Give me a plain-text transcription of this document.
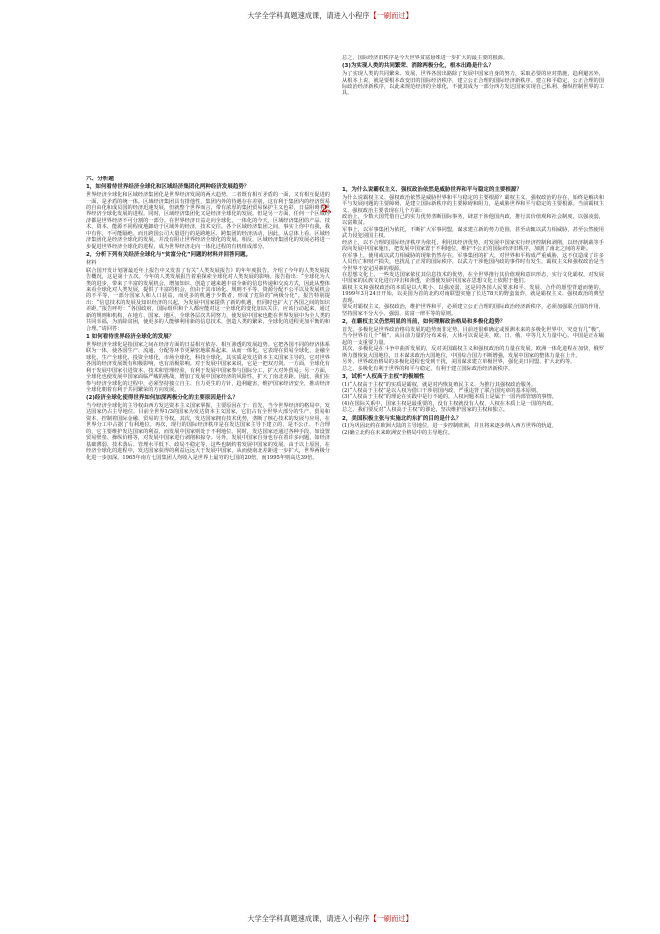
大学全学科真题速成课，请进入小程序【一刷而过】

总之，国际经济旧秩序是今天世界贫富悬殊进一步扩大的最主要的根源。

(3)为实现人类的共同繁荣、消除两极分化，根本出路是什么？

为了实现人类的共同繁荣、发展，世界各国出路除了发展中国家自身的努力，采取必要的应对措施，趋利避害外，从根本上说，就是要根本改变旧的国际经济秩序，建立公正合理的国际经济新秩序。建立和平稳定、公正合理的国际政治经济新秩序，以此来规范经济的全球化，不使其成为一部分西方发达国家实现自己私利、操纵控制世界的工具。

2、
六、分析题
1，如何看待世界经济全球化和区域经济集团化两种经济发展趋势？

世界经济全球化和区域经济集团化是世界经济发展的两大趋势，二者既有相互矛盾的一面，又有相互促进的一面，是矛盾的统一体。区域经济集团具有排他性，集团内外的待遇存在差别，这有利于集团内的经济贸易的自由化和成员国的经济迅速发展，但就整个世界而言，带有浓厚的集团贸易保护主义色彩，日益阻碍着世界经济全球化发展的进程。同时，区域经济集团化又是经济全球化的发展。但是另一方面，任何一个区域经济都是世界经济不可分割的一部分。在世界经济日益走向全球化，一体化的今天，区域经济集团的产品、技术、资本、能源不同程度地卸给于区域外的经济，技术交往。各个区域经济集团之间，事实上你中有我，我中有你，不可能隔绝。而且跨国公司大量进行的是跨地区、跨集团的经济活动，因此，从总体上看，区域经济集团化是经济全球化的发展。并没有阻止世界经济全球化的发展。相反，区域经济集团化的发展必将进一步促进世界经济全球化的进程，成为世界经济走向一体化过程的有机组成部分。

2，分析下列有关经济全球化与“贫富分化”问题的材料并回答问题。

材料

联合国开发计划署最近年上报告中又发表了有关“人类发展报告》的年年度报告。介绍了今年的人类发展报告概况，这是第十五次。今年的人类发展报告着重探索全球化对人类发展的影响。报告指出：“全球化为人类的进步，带来了丰富的发展机会，增加知识、创造了越来越丰富全新的信息传递和交流方式，因此从整体来看全球化对人类发展，提供了丰富的机会，但由于其市场化、规则不平等、资源分配不公平以及发展机会的不平等，一部分国家人和人口获益，而更多的机遇于少数者，形成了危险的“两极分化”。报告特别提出：“信息技术的发展及知识经济的兴起，为发展中国家提供了新的机遇，但同时也扩大了各国之间的知识差距。”报告呼吁：“各国政府，国际组织和个人都应能对这一全球化的变化加以关注，应该行动起来，通过新的规则和机构，在地方、国家、地区，全球各层次共同努力，使发展中国家也能在世界发展中为全人类的共同幸福，为消除贫困，使更多的人能够利用新的信息技术，创造人类的繁荣，全球化的进程更加平衡的和合理。”请回答：

1 如何看待世界经济全球化的发展？

世界经济全球化是指国家之间在经济方面的日益相互依存、相互渗透的发展趋势。它把各国不同的经济体系联为一体，使各国生产、流通、分配等环节更紧密地联系起来，从而一体化。它表现在贸易全球化，金融全球化，生产全球化，投资全球化，市场全球化，科技全球化，其实质是发达资本主义国家主导的。它对世界各国的经济发展既有积极影响，也有消极影响。对于发展中国家来说，它是一把双刃剑。一方面，全球化有利于发展中国家引进资本、技术和管理经验，有利于发展中国家参与国际分工，扩大对外贸易；另一方面，全球化也使发展中国家面临严峻的挑战，增加了发展中国家经济的风险性，扩大了南北差距。因此，我们在参与经济全球化的过程中，必须坚持独立自主、自力更生的方针，趋利避害，维护国家经济安全，推动经济全球化朝着有利于共同繁荣的方向发展。

(2)经济全球化使得世界如何加深两极分化的主要原因是什么？

当今经济全球化的主导权由西方发达资本主义国家掌握，主要原因在于：首先，当今世界经济的格局中，发达国家仍占主导地位。目前全世界1/3的国家为发达资本主义国家，它们占有全世界大部分的生产、贸易和资本，控制着国际金融、贸易的主导权。其次，发达国家拥有技术优势，垄断了核心技术的发展与应用，在世界分工中占据了有利地位。再次，现行的国际经济秩序是在发达国家主导下建立的，是不公正、不合理的，它主要维护发达国家的利益，而发展中国家则处于不利地位。同时，发达国家还通过各种手段，如设置贸易壁垒、操纵价格等，对发展中国家进行剥削和掠夺。另外，发展中国家自身也存在着许多问题，如经济基础薄弱、技术落后、管理水平低下、政局不稳定等，这些也制约着发展中国家的发展。由于以上原因，在经济全球化的进程中，发达国家获得的利益远远大于发展中国家，从而使南北差距进一步扩大，世界两极分化进一步加深。1965年南方七国集团人均收入是世界上最穷的七国的20倍，而1995年则高达39倍。

1，为什么说霸权主义、强权政治依然是威胁世界和平与稳定的主要根源？

为什么说霸权主义、强权政治依然是威胁世界和平与稳定的主要根源？霸权主义、强权政治的存在，始终是解决和平与发展问题的主要障碍，是建立国际新秩序的主要障碍和阻力，是威胁世界和平与稳定的主要根源。当前霸权主义、强权政治主要表现在几个方面：
政治上，少数大国凭借自己的实力优势垄断国际事务，肆意干涉他国内政，推行其价值观和社会制度，以强凌弱，以富欺贫。
军事上，以军事集团为依托，不断扩大军事同盟，谋求建立新的势力范围，甚至动辄以武力相威胁，甚至公然使用武力侵犯别国主权。
经济上，以不合理的国际经济秩序为依托，利用其经济优势，对发展中国家实行经济控制和剥削，以经济制裁等手段向发展中国家施压，把发展中国家置于不利地位，维护不公正的国际经济旧秩序，加剧了南北之间的差距。
在军事上，使用或以武力相威胁的现象仍然存在。军事集团的扩大，对世界和平构成严重威胁，这不仅造成了许多人员伤亡和财产损失，也扰乱了正常的国际秩序，以武力干涉他国内政的事件时有发生，霸权主义和强权政治是当今世界不安定因素的根源。
在思想文化上，一些发达国家依仗其信息技术的优势，在全世界推行其价值观和意识形态，实行文化霸权，对发展中国家的民族文化进行冲击和渗透，企图使发展中国家在思想文化上依附于他们。
霸权主义和强权政治的本质是以大欺小、以强凌弱，这是同各国人民要求和平、发展、合作的愿望背道而驰的。1999年3月24日开始，以美国为首的北约对南联盟实施了长达78天的野蛮轰炸，就是霸权主义、强权政治的典型表现。
要反对霸权主义、强权政治，维护世界和平，必须建立公正合理的国际政治经济新秩序，必须加强联合国的作用，坚持国家不分大小、强弱、贫富一律平等的原则。

2，在霸权主义仍然明显的当前，如何理解政治格局和多极化趋势？

首先，多极化是世界政治格局发展的趋势而非定势。目前还很难确定或预测未来的多极化世界中，究竟有几“极”，当今世界有几个“极”，从目前力量的分布来看，大体可以说是美、欧、日、俄、中等几大力量中心。中国是正在崛起的一支重要力量。
其次，多极化是在斗争中曲折发展的，反对美国霸权主义和强权政治的力量在发展。欧洲一体化进程在加快，俄罗斯力图恢复大国地位，日本谋求政治大国地位，中国综合国力不断增强，发展中国家的整体力量在上升。
另外，世界政治格局的多极化进程也受到干扰，美国谋求建立单极世界，强化美日同盟、扩大北约等。
总之，多极化有利于世界的和平与稳定，有利于建立国际政治经济新秩序。

3，试析“人权高于主权”的极端性

(1)“人权高于主权”的实质是霸权，就是对内恢复殖民主义、为推行其强权政治服务。
(2)“人权高于主权”是以人权为借口干涉别国内政，严重违背了联合国宪章的基本原则。
(3)“人权高于主权”的理论在实践中是行不通的，人权问题本质上是属于一国内部管辖的事情。
(4)在国际关系中，国家主权是最重要的，没有主权就没有人权，人权在本质上是一国的内政。
总之，我们要反对“人权高于主权”的谬论，坚决维护国家的主权和独立。

2，美国积极主张与实施北约东扩的目的是什么？

(1)为巩固北约在欧洲大陆的主导地位，进一步控制欧洲，并且将来逐步纳入西方世界的轨道。
(2)确立北约在未来欧洲安全格局中的主导地位。

大学全学科真题速成课，请进入小程序【一刷而过】
